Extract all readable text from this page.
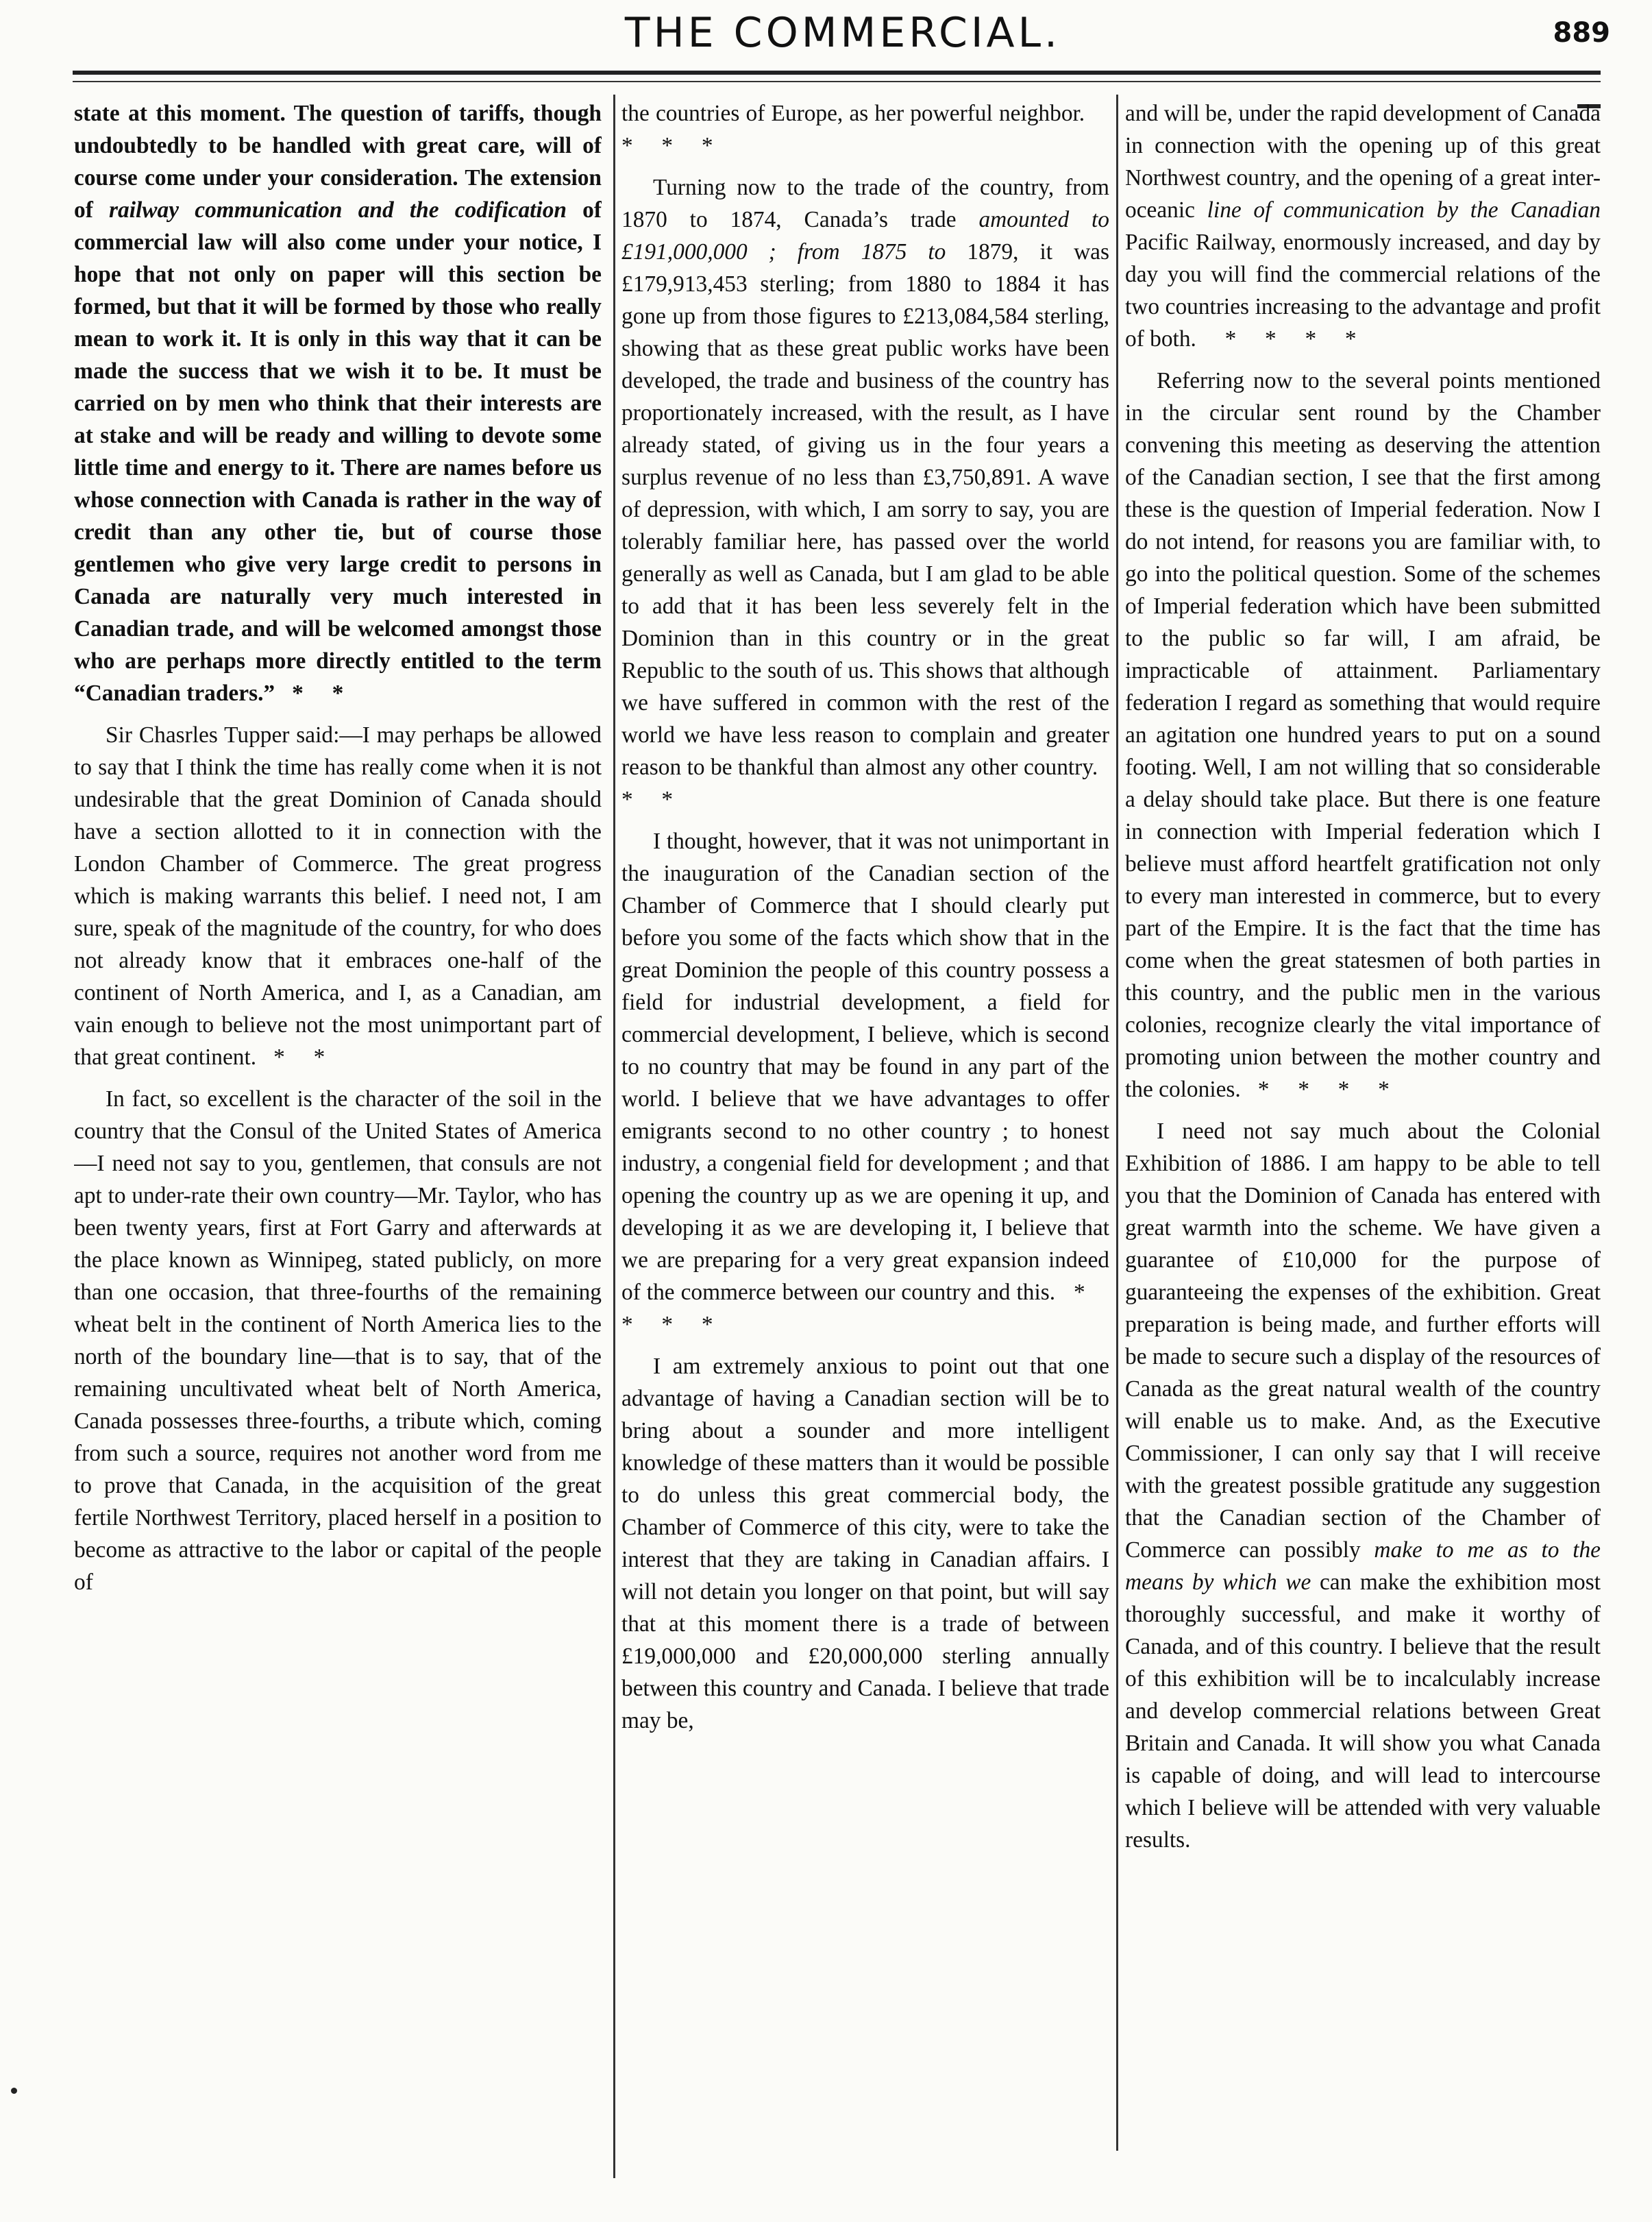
THE COMMERCIAL.	889

state at this moment. The question of tariffs, though undoubtedly to be handled with great care, will of course come under your consideration. The extension of railway communication and the codification of commercial law will also come under your notice, I hope that not only on paper will this section be formed, but that it will be formed by those who really mean to work it. It is only in this way that it can be made the success that we wish it to be. It must be carried on by men who think that their interests are at stake and will be ready and willing to devote some little time and energy to it. There are names before us whose connection with Canada is rather in the way of credit than any other tie, but of course those gentlemen who give very large credit to persons in Canada are naturally very much interested in Canadian trade, and will be welcomed amongst those who are perhaps more directly entitled to the term “Canadian traders.”   *     *

Sir Chasrles Tupper said:—I may perhaps be allowed to say that I think the time has really come when it is not undesirable that the great Dominion of Canada should have a section allotted to it in connection with the London Chamber of Commerce. The great progress which is making warrants this belief. I need not, I am sure, speak of the magnitude of the country, for who does not already know that it embraces one-half of the continent of North America, and I, as a Canadian, am vain enough to believe not the most unimportant part of that great continent.   *     *

In fact, so excellent is the character of the soil in the country that the Consul of the United States of America—I need not say to you, gentlemen, that consuls are not apt to under-rate their own country—Mr. Taylor, who has been twenty years, first at Fort Garry and afterwards at the place known as Winnipeg, stated publicly, on more than one occasion, that three-fourths of the remaining wheat belt in the continent of North America lies to the north of the boundary line—that is to say, that of the remaining uncultivated wheat belt of North America, Canada possesses three-fourths, a tribute which, coming from such a source, requires not another word from me to prove that Canada, in the acquisition of the great fertile Northwest Territory, placed herself in a position to become as attractive to the labor or capital of the people of

the countries of Europe, as her powerful neighbor.     *     *     *

Turning now to the trade of the country, from 1870 to 1874, Canada’s trade amounted to £191,000,000 ; from 1875 to 1879, it was £179,913,453 sterling; from 1880 to 1884 it has gone up from those figures to £213,084,584 sterling, showing that as these great public works have been developed, the trade and business of the country has proportionately increased, with the result, as I have already stated, of giving us in the four years a surplus revenue of no less than £3,750,891. A wave of depression, with which, I am sorry to say, you are tolerably familiar here, has passed over the world generally as well as Canada, but I am glad to be able to add that it has been less severely felt in the Dominion than in this country or in the great Republic to the south of us. This shows that although we have suffered in common with the rest of the world we have less reason to complain and greater reason to be thankful than almost any other country.   *     *

I thought, however, that it was not unimportant in the inauguration of the Canadian section of the Chamber of Commerce that I should clearly put before you some of the facts which show that in the great Dominion the people of this country possess a field for industrial development, a field for commercial development, I believe, which is second to no country that may be found in any part of the world. I believe that we have advantages to offer emigrants second to no other country ; to honest industry, a congenial field for development ; and that opening the country up as we are opening it up, and developing it as we are developing it, I believe that we are preparing for a very great expansion indeed of the commerce between our country and this.   *     *     *     *

I am extremely anxious to point out that one advantage of having a Canadian section will be to bring about a sounder and more intelligent knowledge of these matters than it would be possible to do unless this great commercial body, the Chamber of Commerce of this city, were to take the interest that they are taking in Canadian affairs. I will not detain you longer on that point, but will say that at this moment there is a trade of between £19,000,000 and £20,000,000 sterling annually between this country and Canada. I believe that trade may be,

and will be, under the rapid development of Canada in connection with the opening up of this great Northwest country, and the opening of a great inter-oceanic line of communication by the Canadian Pacific Railway, enormously increased, and day by day you will find the commercial relations of the two countries increasing to the advantage and profit of both.     *     *     *     *

Referring now to the several points mentioned in the circular sent round by the Chamber convening this meeting as deserving the attention of the Canadian section, I see that the first among these is the question of Imperial federation. Now I do not intend, for reasons you are familiar with, to go into the political question. Some of the schemes of Imperial federation which have been submitted to the public so far will, I am afraid, be impracticable of attainment. Parliamentary federation I regard as something that would require an agitation one hundred years to put on a sound footing. Well, I am not willing that so considerable a delay should take place. But there is one feature in connection with Imperial federation which I believe must afford heartfelt gratification not only to every man interested in commerce, but to every part of the Empire. It is the fact that the time has come when the great statesmen of both parties in this country, and the public men in the various colonies, recognize clearly the vital importance of promoting union between the mother country and the colonies.   *     *     *     *

I need not say much about the Colonial Exhibition of 1886. I am happy to be able to tell you that the Dominion of Canada has entered with great warmth into the scheme. We have given a guarantee of £10,000 for the purpose of guaranteeing the expenses of the exhibition. Great preparation is being made, and further efforts will be made to secure such a display of the resources of Canada as the great natural wealth of the country will enable us to make. And, as the Executive Commissioner, I can only say that I will receive with the greatest possible gratitude any suggestion that the Canadian section of the Chamber of Commerce can possibly make to me as to the means by which we can make the exhibition most thoroughly successful, and make it worthy of Canada, and of this country. I believe that the result of this exhibition will be to incalculably increase and develop commercial relations between Great Britain and Canada. It will show you what Canada is capable of doing, and will lead to intercourse which I believe will be attended with very valuable results.
